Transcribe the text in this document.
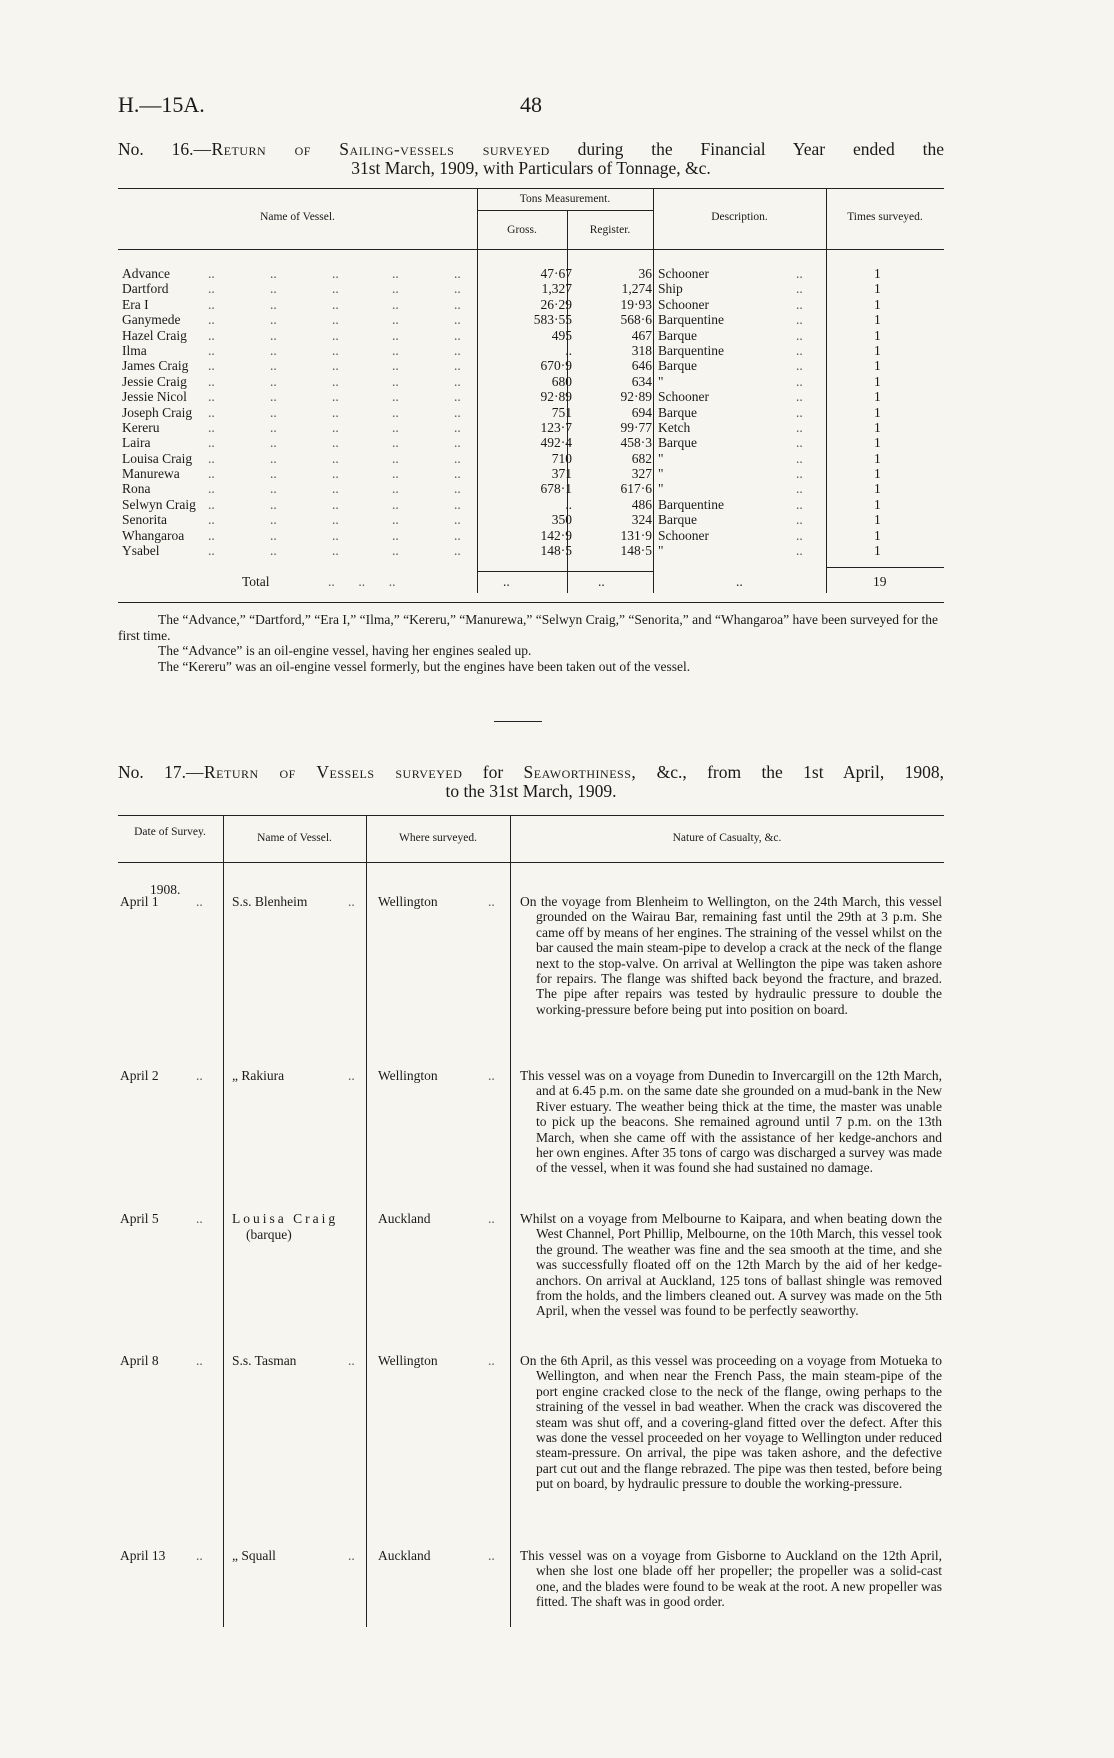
H.—15A.	48
No. 16.—Return of Sailing-vessels surveyed during the Financial Year ended the
31st March, 1909, with Particulars of Tonnage, &c.
Name of Vessel.
Tons Measurement.
Gross.	Register.
Description.	Times surveyed.
Advance	..	..	..	..	..	47·67	36 Schooner	..	1
Dartford	..	..	..	..	..	1,327	1,274 Ship	..	1
Era I	..	..	..	..	..	26·29	19·93 Schooner	..	1
Ganymede ..	..	..	..	..	583·55	568·6 Barquentine	..	1
Hazel Craig ..	..	..	..	..	495	467 Barque	..	1
Ilma	..	..	..	..	..	..	318 Barquentine	..	1
James Craig ..	..	..	..	..	670·9	646 Barque	..	1
Jessie Craig ..	..	..	..	..	680	634 "	..	1
Jessie Nicol ..	..	..	..	..	92·89	92·89 Schooner	..	1
Joseph Craig ..	..	..	..	..	751	694 Barque	..	1
Kereru	..	..	..	..	..	123·7	99·77 Ketch	..	1
Laira	..	..	..	..	..	492·4	458·3 Barque	..	1
Louisa Craig ..	..	..	..	..	710	682 "	..	1
Manurewa ..	..	..	..	..	371	327 "	..	1
Rona	..	..	..	..	..	678·1	617·6 "	..	1
Selwyn Craig ..	..	..	..	..	..	486 Barquentine	..	1
Senorita	..	..	..	..	..	350	324 Barque	..	1
Whangaroa ..	..	..	..	..	142·9	131·9 Schooner	..	1
Ysabel	..	..	..	..	..	148·5	148·5 "	..	1
Total	..       ..       ..	..	..	..	19

The “Advance,” “Dartford,” “Era I,” “Ilma,” “Kereru,” “Manurewa,” “Selwyn Craig,” “Senorita,” and “Whangaroa” have been surveyed for the first time.

The “Advance” is an oil-engine vessel, having her engines sealed up.

The “Kereru” was an oil-engine vessel formerly, but the engines have been taken out of the vessel.

No. 17.—Return of Vessels surveyed for Seaworthiness, &c., from the 1st April, 1908,
to the 31st March, 1909.
Date of Survey.	Name of Vessel.	Where surveyed.	Nature of Casualty, &c.
1908.
April 1	.. S.s. Blenheim	.. Wellington	.. On the voyage from Blenheim to Wellington, on the 24th March, this vessel grounded on the Wairau Bar, remaining fast until the 29th at 3 p.m. She came off by means of her engines. The straining of the vessel whilst on the bar caused the main steam-pipe to develop a crack at the neck of the flange next to the stop-valve. On arrival at Wellington the pipe was taken ashore for repairs. The flange was shifted back beyond the fracture, and brazed. The pipe after repairs was tested by hydraulic pressure to double the working-pressure before being put into position on board.

April 2	.. „ Rakiura	.. Wellington	.. This vessel was on a voyage from Dunedin to Invercargill on the 12th March, and at 6.45 p.m. on the same date she grounded on a mud-bank in the New River estuary. The weather being thick at the time, the master was unable to pick up the beacons. She remained aground until 7 p.m. on the 13th March, when she came off with the assistance of her kedge-anchors and her own engines. After 35 tons of cargo was discharged a survey was made of the vessel, when it was found she had sustained no damage.

April 5	.. Louisa Craig
(barque)
Auckland	.. Whilst on a voyage from Melbourne to Kaipara, and when beating down the West Channel, Port Phillip, Melbourne, on the 10th March, this vessel took the ground. The weather was fine and the sea smooth at the time, and she was successfully floated off on the 12th March by the aid of her kedge-anchors. On arrival at Auckland, 125 tons of ballast shingle was removed from the holds, and the limbers cleaned out. A survey was made on the 5th April, when the vessel was found to be perfectly seaworthy.

April 8	.. S.s. Tasman	.. Wellington	.. On the 6th April, as this vessel was proceeding on a voyage from Motueka to Wellington, and when near the French Pass, the main steam-pipe of the port engine cracked close to the neck of the flange, owing perhaps to the straining of the vessel in bad weather. When the crack was discovered the steam was shut off, and a covering-gland fitted over the defect. After this was done the vessel proceeded on her voyage to Wellington under reduced steam-pressure. On arrival, the pipe was taken ashore, and the defective part cut out and the flange rebrazed. The pipe was then tested, before being put on board, by hydraulic pressure to double the working-pressure.

April 13 .. „ Squall	.. Auckland	.. This vessel was on a voyage from Gisborne to Auckland on the 12th April, when she lost one blade off her propeller; the propeller was a solid-cast one, and the blades were found to be weak at the root. A new propeller was fitted. The shaft was in good order.
